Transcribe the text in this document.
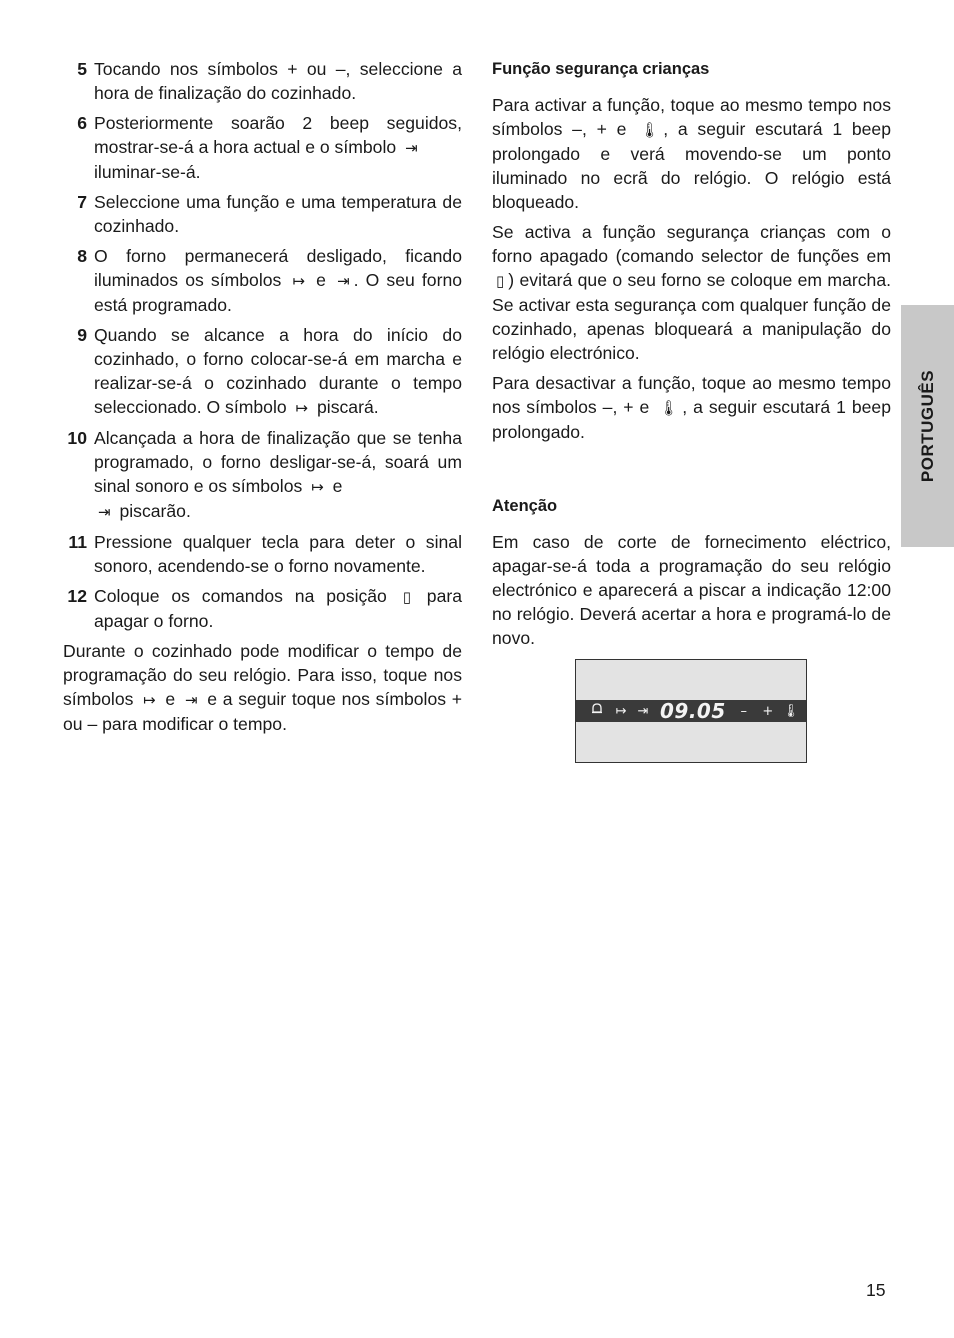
5 Tocando nos símbolos + ou –, seleccione a hora de finalização do cozinhado.
6 Posteriormente soarão 2 beep seguidos, mostrar-se-á a hora actual e o símbolo ⇥
iluminar-se-á.
7 Seleccione uma função e uma temperatura de cozinhado.
8 O forno permanecerá desligado, ficando iluminados os símbolos ↦ e ⇥ . O seu forno está programado.
9 Quando se alcance a hora do início do cozinhado, o forno colocar-se-á em marcha e realizar-se-á o cozinhado durante o tempo seleccionado. O símbolo ↦ piscará.
10 Alcançada a hora de finalização que se tenha programado, o forno desligar-se-á, soará um sinal sonoro e os símbolos ↦ e
⇥ piscarão.
11 Pressione qualquer tecla para deter o sinal sonoro, acendendo-se o forno novamente.
12 Coloque os comandos na posição ▯ para apagar o forno.

Durante o cozinhado pode modificar o tempo de programação do seu relógio. Para isso, toque nos símbolos ↦ e ⇥ e a seguir toque nos símbolos + ou – para modificar o tempo.

Função segurança crianças

Para activar a função, toque ao mesmo tempo nos símbolos –, + e 🌡 , a seguir escutará 1 beep prolongado e verá movendo-se um ponto iluminado no ecrã do relógio. O relógio está bloqueado.

Se activa a função segurança crianças com o forno apagado (comando selector de funções em ▯ ) evitará que o seu forno se coloque em marcha. Se activar esta segurança com qualquer função de cozinhado, apenas bloqueará a manipulação do relógio electrónico.

Para desactivar a função, toque ao mesmo tempo nos símbolos –, + e 🌡 , a seguir escutará 1 beep prolongado.

Atenção

Em caso de corte de fornecimento eléctrico, apagar-se-á toda a programação do seu relógio electrónico e aparecerá a piscar a indicação 12:00 no relógio. Deverá acertar a hora e programá-lo de novo.

↦ ⇥ 09.05	–	+ 🌡
PORTUGUÊS
15
